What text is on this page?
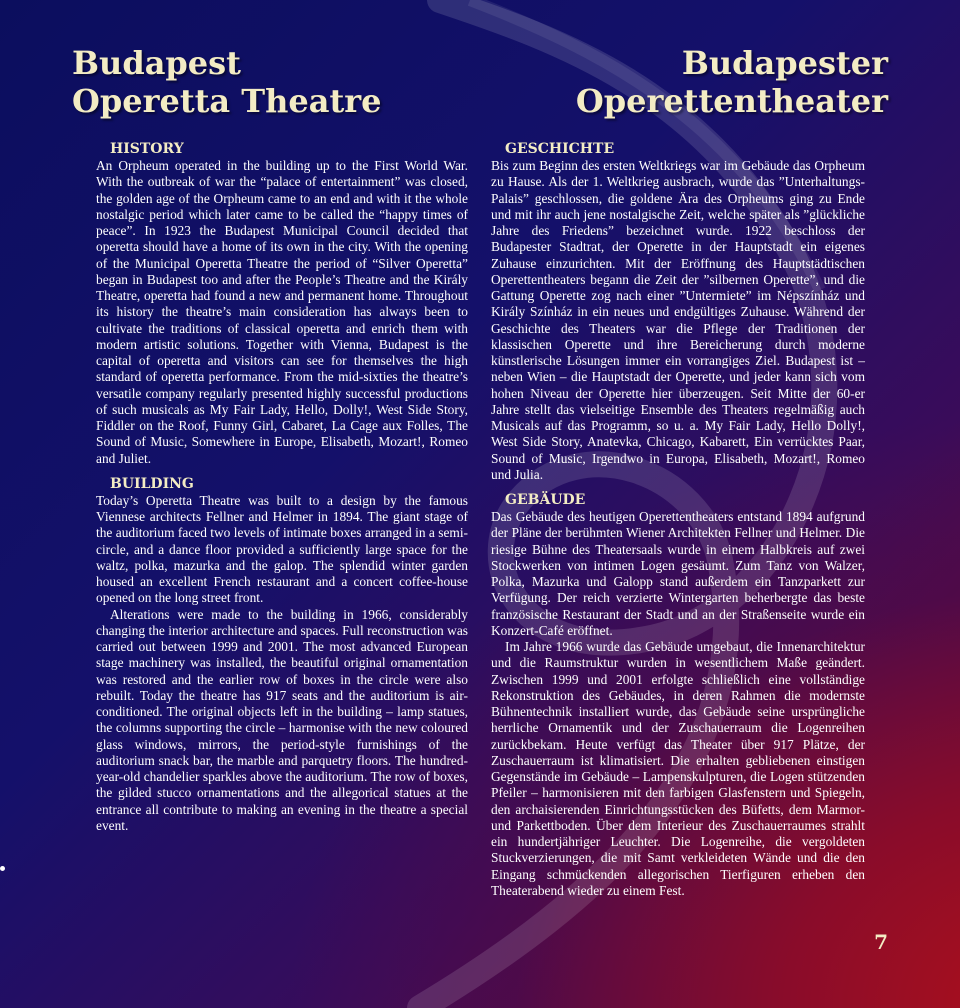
Budapest
Operetta Theatre
Budapester
Operettentheater
HISTORY

An Orpheum operated in the building up to the First World War. With the outbreak of war the “palace of entertainment” was closed, the golden age of the Orpheum came to an end and with it the whole nostalgic period which later came to be called the “happy times of peace”. In 1923 the Budapest Municipal Council decided that operetta should have a home of its own in the city. With the opening of the Municipal Operetta Theatre the period of “Silver Operetta” began in Budapest too and after the People’s Theatre and the Király Theatre, operetta had found a new and permanent home. Throughout its history the theatre’s main consideration has always been to cultivate the traditions of classical operetta and enrich them with modern artistic solutions. Together with Vienna, Budapest is the capital of operetta and visitors can see for themselves the high standard of operetta performance. From the mid-sixties the theatre’s versatile company regularly presented highly successful productions of such musicals as My Fair Lady, Hello, Dolly!, West Side Story, Fiddler on the Roof, Funny Girl, Cabaret, La Cage aux Folles, The Sound of Music, Somewhere in Europe, Elisabeth, Mozart!, Romeo and Juliet.

BUILDING

Today’s Operetta Theatre was built to a design by the famous Viennese architects Fellner and Helmer in 1894. The giant stage of the auditorium faced two levels of intimate boxes arranged in a semi-circle, and a dance floor provided a sufficiently large space for the waltz, polka, mazurka and the galop. The splendid winter garden housed an excellent French restaurant and a concert coffee-house opened on the long street front.

Alterations were made to the building in 1966, considerably changing the interior architecture and spaces. Full reconstruction was carried out between 1999 and 2001. The most advanced European stage machinery was installed, the beautiful original ornamentation was restored and the earlier row of boxes in the circle were also rebuilt. Today the theatre has 917 seats and the auditorium is air-conditioned. The original objects left in the building – lamp statues, the columns supporting the circle – harmonise with the new coloured glass windows, mirrors, the period-style furnishings of the auditorium snack bar, the marble and parquetry floors. The hundred-year-old chandelier sparkles above the auditorium. The row of boxes, the gilded stucco ornamentations and the allegorical statues at the entrance all contribute to making an evening in the theatre a special event.

GESCHICHTE

Bis zum Beginn des ersten Weltkriegs war im Gebäude das Orpheum zu Hause. Als der 1. Weltkrieg ausbrach, wurde das ”Unterhaltungs-Palais” geschlossen, die goldene Ära des Orpheums ging zu Ende und mit ihr auch jene nostalgische Zeit, welche später als ”glückliche Jahre des Friedens” bezeichnet wurde. 1922 beschloss der Budapester Stadtrat, der Operette in der Hauptstadt ein eigenes Zuhause einzurichten. Mit der Eröffnung des Hauptstädtischen Operettentheaters begann die Zeit der ”silbernen Operette”, und die Gattung Operette zog nach einer ”Untermiete” im Népszínház und Király Színház in ein neues und endgültiges Zuhause. Während der Geschichte des Theaters war die Pflege der Traditionen der klassischen Operette und ihre Bereicherung durch moderne künstlerische Lösungen immer ein vorrangiges Ziel. Budapest ist – neben Wien – die Hauptstadt der Operette, und jeder kann sich vom hohen Niveau der Operette hier überzeugen. Seit Mitte der 60-er Jahre stellt das vielseitige Ensemble des Theaters regelmäßig auch Musicals auf das Programm, so u. a. My Fair Lady, Hello Dolly!, West Side Story, Anatevka, Chicago, Kabarett, Ein verrücktes Paar, Sound of Music, Irgendwo in Europa, Elisabeth, Mozart!, Romeo und Julia.

GEBÄUDE

Das Gebäude des heutigen Operettentheaters entstand 1894 aufgrund der Pläne der berühmten Wiener Architekten Fellner und Helmer. Die riesige Bühne des Theatersaals wurde in einem Halbkreis auf zwei Stockwerken von intimen Logen gesäumt. Zum Tanz von Walzer, Polka, Mazurka und Galopp stand außerdem ein Tanzparkett zur Verfügung. Der reich verzierte Wintergarten beherbergte das beste französische Restaurant der Stadt und an der Straßenseite wurde ein Konzert-Café eröffnet.

Im Jahre 1966 wurde das Gebäude umgebaut, die Innenarchitektur und die Raumstruktur wurden in wesentlichem Maße geändert. Zwischen 1999 und 2001 erfolgte schließlich eine vollständige Rekonstruktion des Gebäudes, in deren Rahmen die modernste Bühnentechnik installiert wurde, das Gebäude seine ursprüngliche herrliche Ornamentik und der Zuschauerraum die Logenreihen zurückbekam. Heute verfügt das Theater über 917 Plätze, der Zuschauerraum ist klimatisiert. Die erhalten gebliebenen einstigen Gegenstände im Gebäude – Lampenskulpturen, die Logen stützenden Pfeiler – harmonisieren mit den farbigen Glasfenstern und Spiegeln, den archaisierenden Einrichtungsstücken des Büfetts, dem Marmor- und Parkettboden. Über dem Interieur des Zuschauerraumes strahlt ein hundertjähriger Leuchter. Die Logenreihe, die vergoldeten Stuckverzierungen, die mit Samt verkleideten Wände und die den Eingang schmückenden allegorischen Tierfiguren erheben den Theaterabend wieder zu einem Fest.

7
